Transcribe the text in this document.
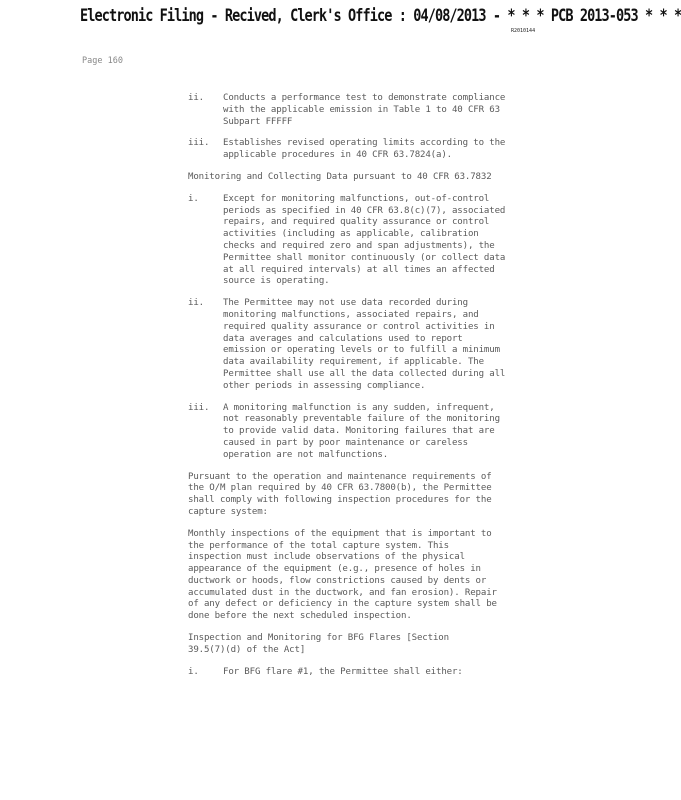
Electronic Filing - Recived, Clerk's Office : 04/08/2013 - * * * PCB 2013-053 * * *
R2010144
Page 160
ii.	Conducts a performance test to demonstrate compliance
with the applicable emission in Table 1 to 40 CFR 63
Subpart FFFFF
iii.	Establishes revised operating limits according to the
applicable procedures in 40 CFR 63.7824(a).
Monitoring and Collecting Data pursuant to 40 CFR 63.7832
i.	Except for monitoring malfunctions, out-of-control
periods as specified in 40 CFR 63.8(c)(7), associated
repairs, and required quality assurance or control
activities (including as applicable, calibration
checks and required zero and span adjustments), the
Permittee shall monitor continuously (or collect data
at all required intervals) at all times an affected
source is operating.
ii.	The Permittee may not use data recorded during
monitoring malfunctions, associated repairs, and
required quality assurance or control activities in
data averages and calculations used to report
emission or operating levels or to fulfill a minimum
data availability requirement, if applicable. The
Permittee shall use all the data collected during all
other periods in assessing compliance.
iii.	A monitoring malfunction is any sudden, infrequent,
not reasonably preventable failure of the monitoring
to provide valid data. Monitoring failures that are
caused in part by poor maintenance or careless
operation are not malfunctions.
Pursuant to the operation and maintenance requirements of
the O/M plan required by 40 CFR 63.7800(b), the Permittee
shall comply with following inspection procedures for the
capture system:
Monthly inspections of the equipment that is important to
the performance of the total capture system. This
inspection must include observations of the physical
appearance of the equipment (e.g., presence of holes in
ductwork or hoods, flow constrictions caused by dents or
accumulated dust in the ductwork, and fan erosion). Repair
of any defect or deficiency in the capture system shall be
done before the next scheduled inspection.
Inspection and Monitoring for BFG Flares [Section
39.5(7)(d) of the Act]
i.	For BFG flare #1, the Permittee shall either:
